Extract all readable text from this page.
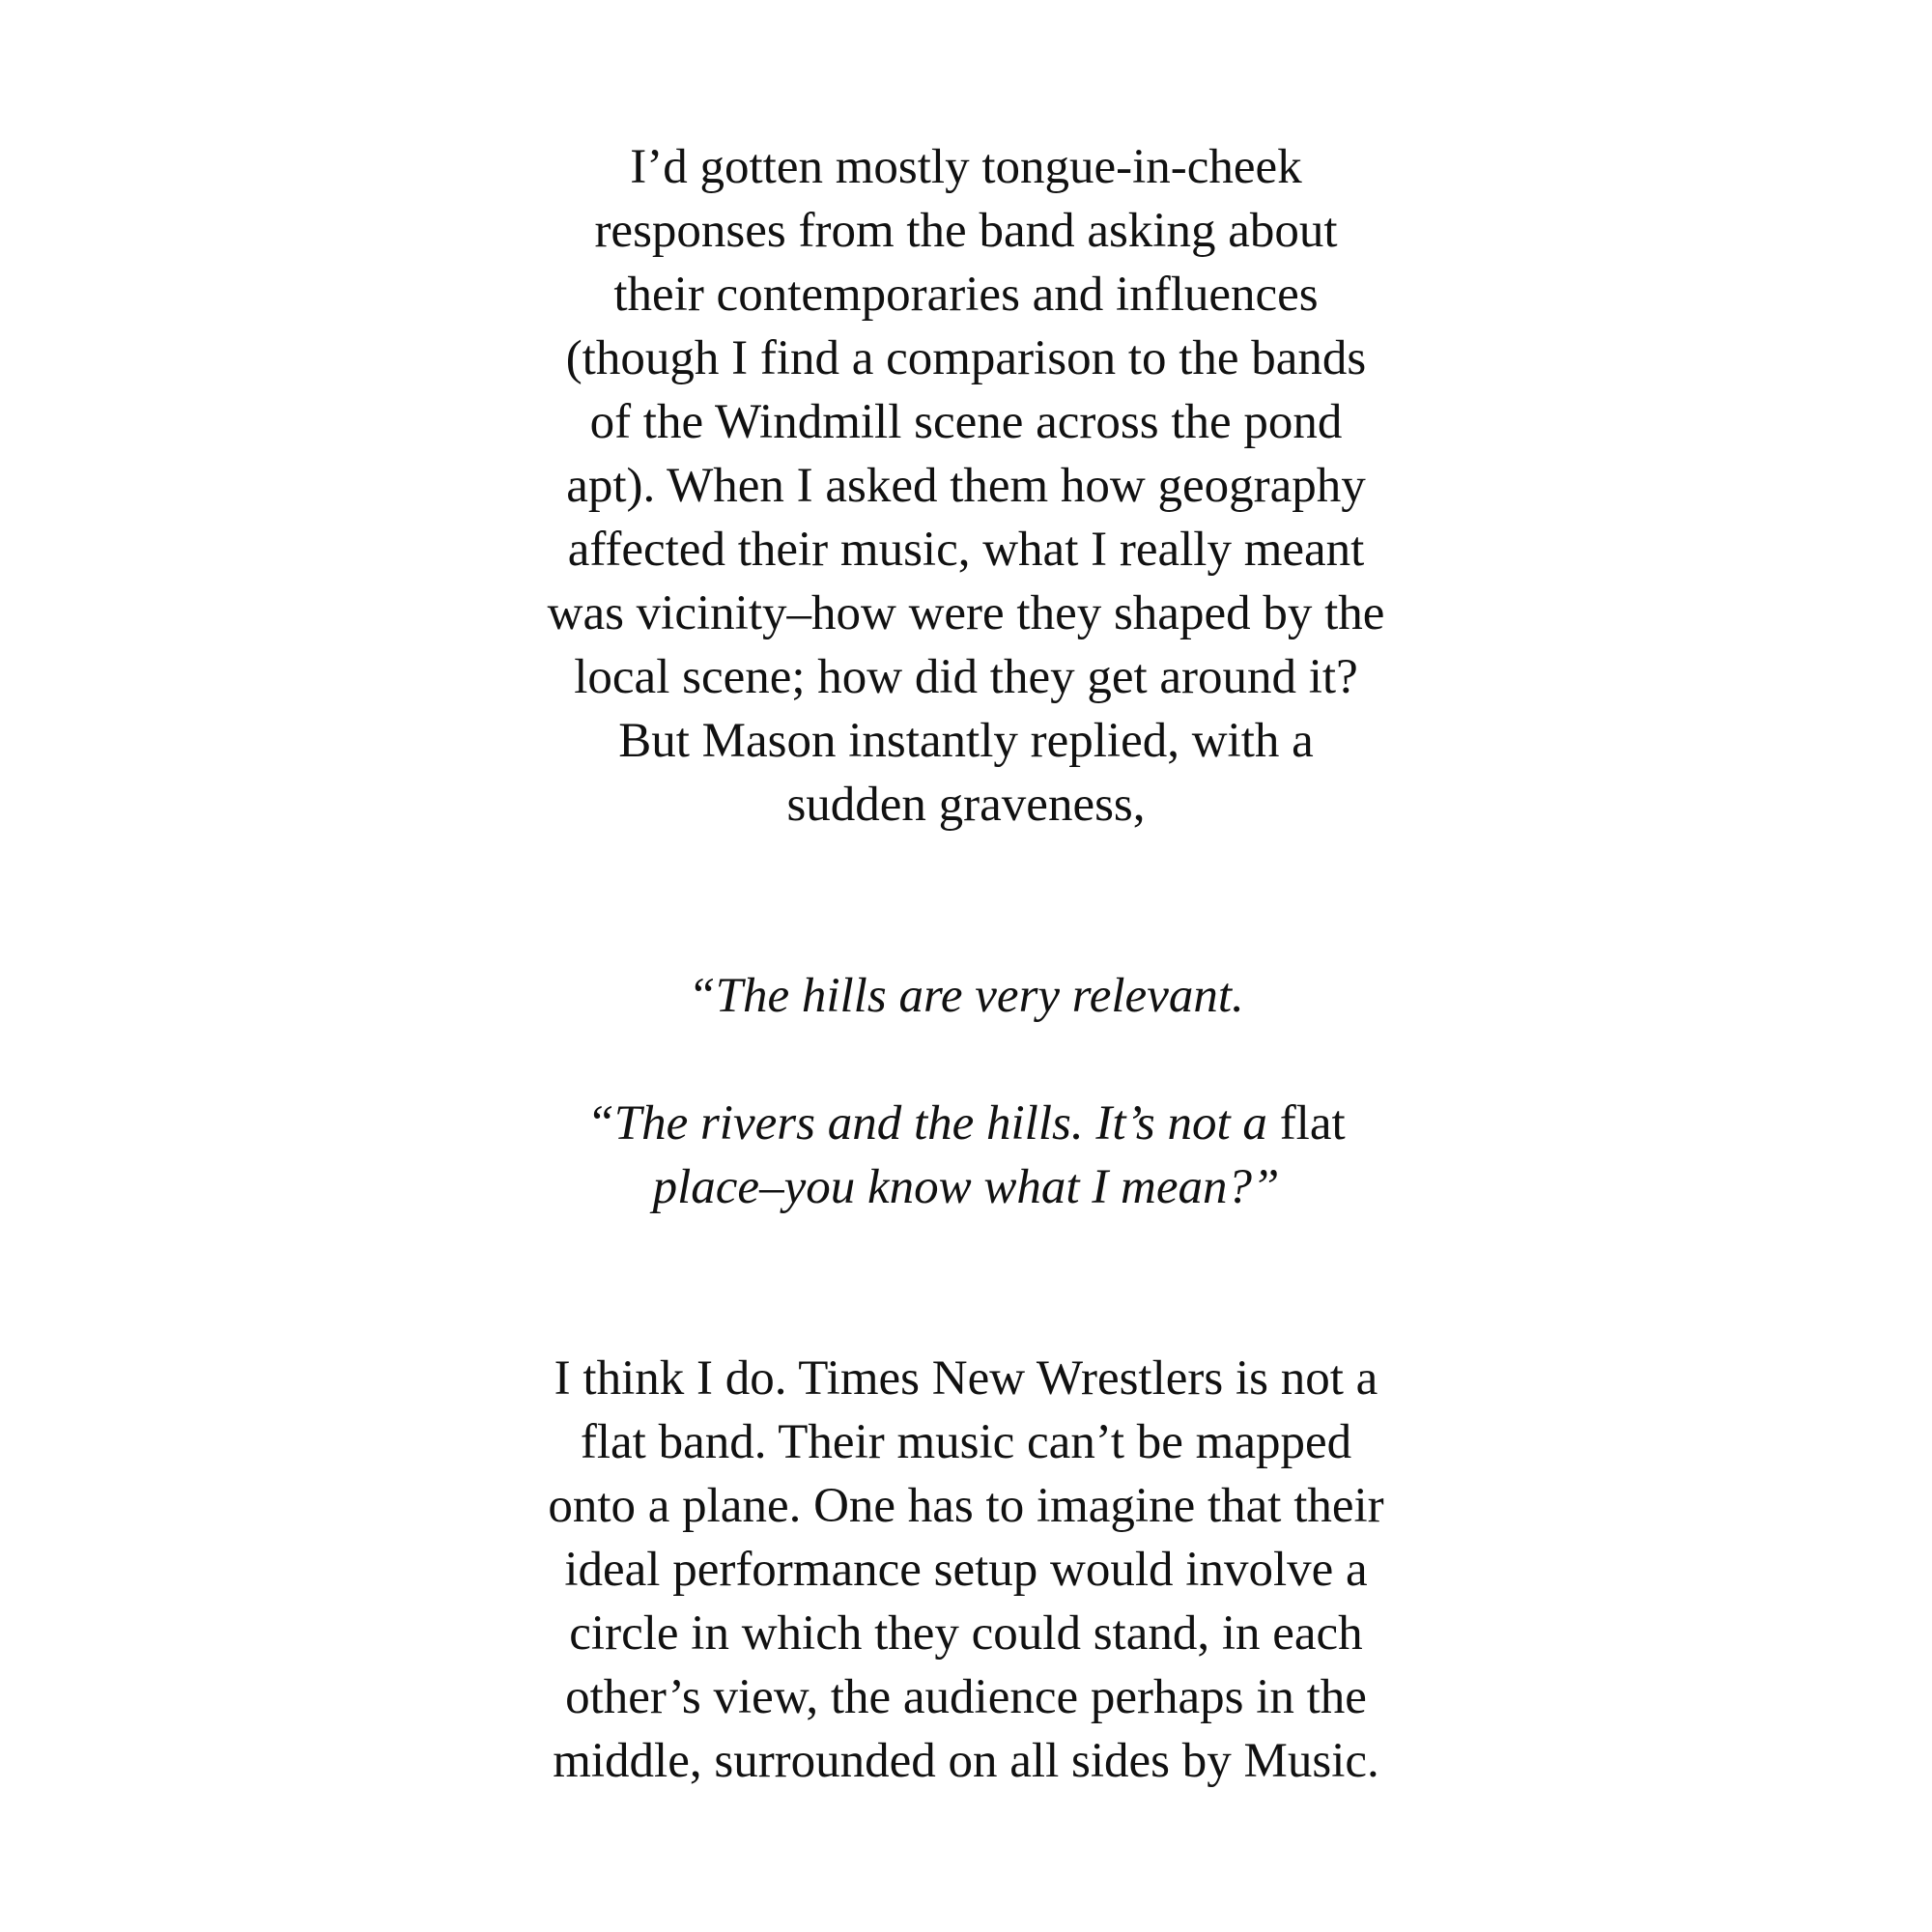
I’d gotten mostly tongue-in-cheek
responses from the band asking about
their contemporaries and influences
(though I find a comparison to the bands
of the Windmill scene across the pond
apt). When I asked them how geography
affected their music, what I really meant
was vicinity–how were they shaped by the
local scene; how did they get around it?
But Mason instantly replied, with a
sudden graveness,

“The hills are very relevant.

“The rivers and the hills. It’s not a flat
place–you know what I mean?”

I think I do. Times New Wrestlers is not a
flat band. Their music can’t be mapped
onto a plane. One has to imagine that their
ideal performance setup would involve a
circle in which they could stand, in each
other’s view, the audience perhaps in the
middle, surrounded on all sides by Music.
